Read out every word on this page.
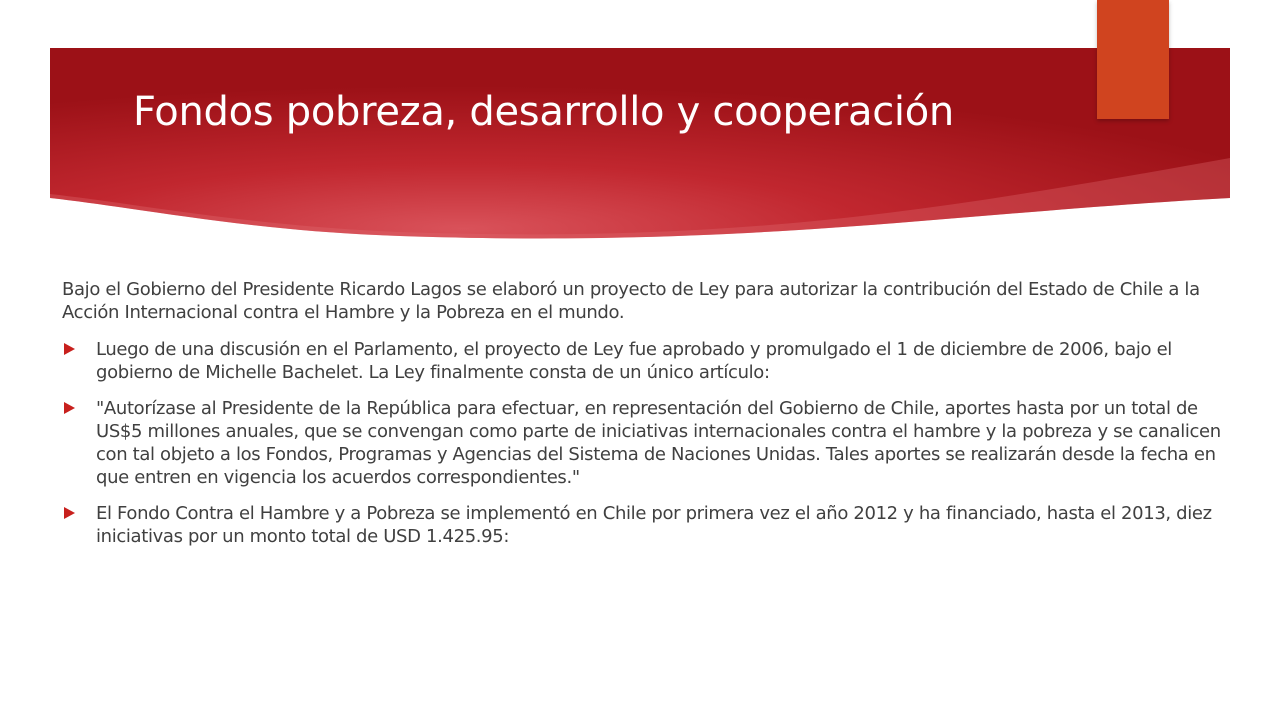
Fondos pobreza, desarrollo y cooperación

Bajo el Gobierno del Presidente Ricardo Lagos se elaboró un proyecto de Ley para autorizar la contribución del Estado de Chile a la Acción Internacional contra el Hambre y la Pobreza en el mundo.

Luego de una discusión en el Parlamento, el proyecto de Ley fue aprobado y promulgado el 1 de diciembre de 2006, bajo el gobierno de Michelle Bachelet. La Ley finalmente consta de un único artículo:
"Autorízase al Presidente de la República para efectuar, en representación del Gobierno de Chile, aportes hasta por un total de US$5 millones anuales, que se convengan como parte de iniciativas internacionales contra el hambre y la pobreza y se canalicen con tal objeto a los Fondos, Programas y Agencias del Sistema de Naciones Unidas. Tales aportes se realizarán desde la fecha en que entren en vigencia los acuerdos correspondientes."
El Fondo Contra el Hambre y a Pobreza se implementó en Chile por primera vez el año 2012 y ha financiado, hasta el 2013, diez iniciativas por un monto total de USD 1.425.95:
